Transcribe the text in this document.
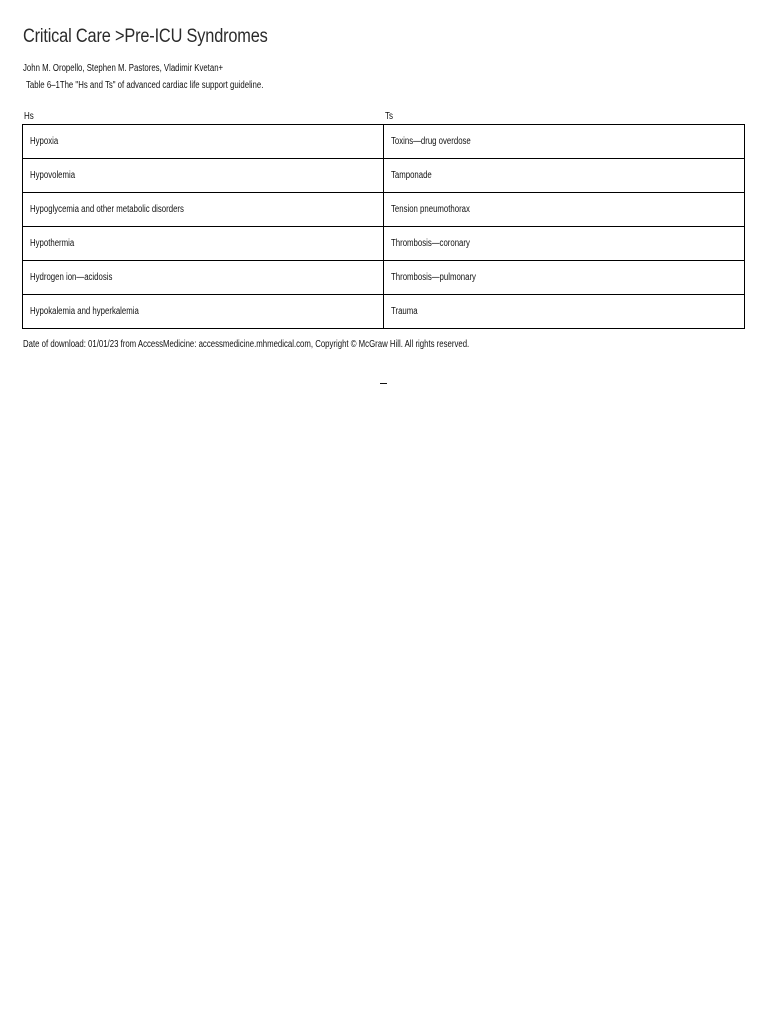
Critical Care >Pre-ICU Syndromes
John M. Oropello, Stephen M. Pastores, Vladimir Kvetan+
Table 6–1The "Hs and Ts" of advanced cardiac life support guideline.
Hs	Ts
Hypoxia	Toxins—drug overdose
Hypovolemia	Tamponade
Hypoglycemia and other metabolic disorders	Tension pneumothorax
Hypothermia	Thrombosis—coronary
Hydrogen ion—acidosis	Thrombosis—pulmonary
Hypokalemia and hyperkalemia	Trauma
Date of download: 01/01/23 from AccessMedicine: accessmedicine.mhmedical.com, Copyright © McGraw Hill. All rights reserved.
